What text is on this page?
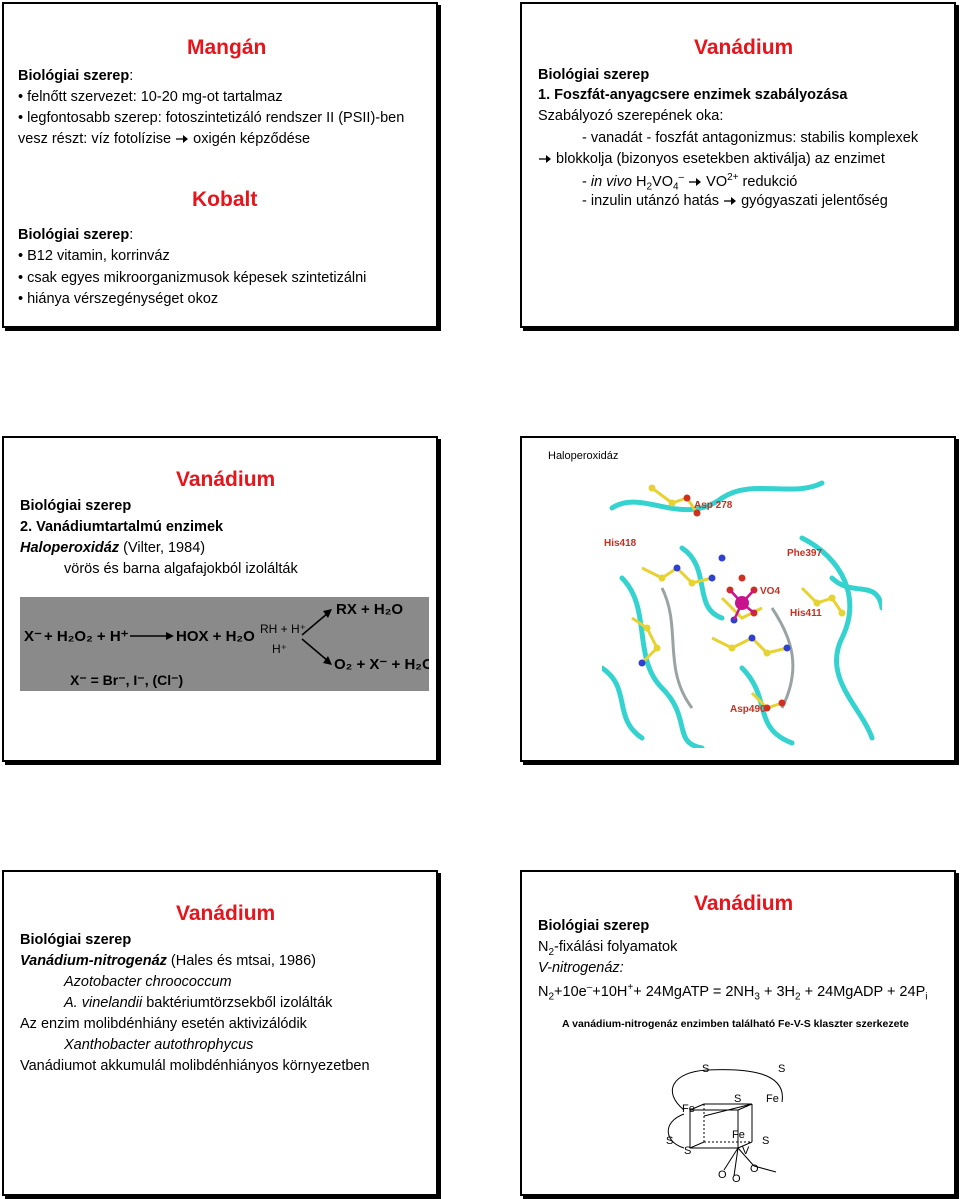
Mangán
Biológiai szerep:
• felnőtt szervezet: 10-20 mg-ot tartalmaz
• legfontosabb szerep: fotoszintetizáló rendszer II (PSII)-ben
vesz részt: víz fotolízise oxigén képződése
Kobalt
Biológiai szerep:
• B12 vitamin, korrinváz
• csak egyes mikroorganizmusok képesek szintetizálni
• hiánya vérszegénységet okoz
Vanádium
Biológiai szerep
1. Foszfát-anyagcsere enzimek szabályozása
Szabályozó szerepének oka:
- vanadát - foszfát antagonizmus: stabilis komplexek
blokkolja (bizonyos esetekben aktiválja) az enzimet
- in vivo $H_2VO_4^-$ $VO^{2+}$ redukció
- inzulin utánzó hatás gyógyaszati jelentőség
Vanádium
Biológiai szerep
2. Vanádiumtartalmú enzimek
Haloperoxidáz (Vilter, 1984)
vörös és barna algafajokból izolálták
X⁻ + H₂O₂ + H⁺	HOX + H₂O RH + H⁺
H⁺
RX + H₂O
O₂ + X⁻ + H₂O
X⁻ = Br⁻, I⁻, (Cl⁻)
Haloperoxidáz
Asp 278
His418
Phe397
VO4
His411
Asp490
Vanádium
Biológiai szerep
Vanádium-nitrogenáz (Hales és mtsai, 1986)
Azotobacter chroococcum
A. vinelandii baktériumtörzsekből izolálták
Az enzim molibdénhiány esetén aktivizálódik
Xanthobacter autothrophycus
Vanádiumot akkumulál molibdénhiányos környezetben
Vanádium
Biológiai szerep
$N_2$-fixálási folyamatok
V-nitrogenáz:
$N_2+10e^-+10H^++$ 24MgATP = $2NH_3 + 3H_2$ + 24MgADP + $24P_i$
A vanádium-nitrogenáz enzimben található Fe-V-S klaszter szerkezete
S	S
Fe
S Fe
Fe S
S
S	V
O O
O
